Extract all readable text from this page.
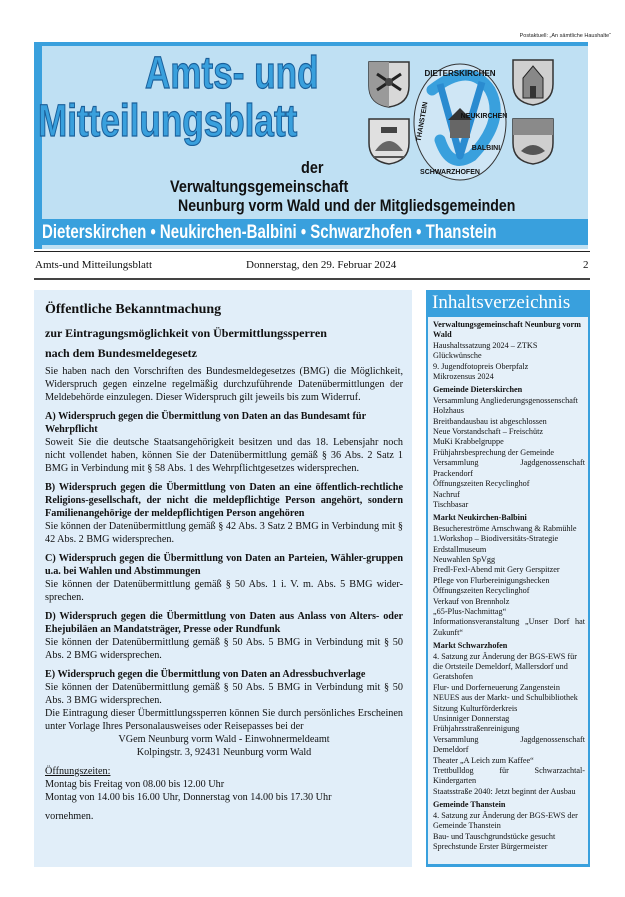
Postaktuell: „An sämtliche Haushalte“
Amts- und
Mitteilungsblatt
DIETERSKIRCHEN
NEUKIRCHEN
BALBINI
SCHWARZHOFEN
THANSTEIN
der
Verwaltungsgemeinschaft
Neunburg vorm Wald und der Mitgliedsgemeinden
Dieterskirchen • Neukirchen-Balbini • Schwarzhofen • Thanstein
Amts-und Mitteilungsblatt	Donnerstag, den 29. Februar 2024	2

Öffentliche Bekanntmachung

zur Eintragungsmöglichkeit von Übermittlungssperren

nach dem Bundesmeldegesetz

Sie haben nach den Vorschriften des Bundesmeldegesetzes (BMG) die Möglichkeit, Widerspruch gegen einzelne regelmäßig durchzuführende Datenübermittlungen der Meldebehörde einzulegen. Dieser Widerspruch gilt jeweils bis zum Widerruf.

A) Widerspruch gegen die Übermittlung von Daten an das Bundesamt für Wehrpflicht

Soweit Sie die deutsche Staatsangehörigkeit besitzen und das 18. Lebensjahr noch nicht vollendet haben, können Sie der Datenübermittlung gemäß § 36 Abs. 2 Satz 1 BMG in Verbindung mit § 58 Abs. 1 des Wehrpflichtgesetzes widersprechen.

B) Widerspruch gegen die Übermittlung von Daten an eine öffentlich-rechtliche Religions-gesellschaft, der nicht die meldepflichtige Person angehört, sondern Familienangehörige der meldepflichtigen Person angehören

Sie können der Datenübermittlung gemäß § 42 Abs. 3 Satz 2 BMG in Verbindung mit § 42 Abs. 2 BMG widersprechen.

C) Widerspruch gegen die Übermittlung von Daten an Parteien, Wähler-gruppen u.a. bei Wahlen und Abstimmungen

Sie können der Datenübermittlung gemäß § 50 Abs. 1 i. V. m. Abs. 5 BMG wider-sprechen.

D) Widerspruch gegen die Übermittlung von Daten aus Anlass von Alters- oder Ehejubiläen an Mandatsträger, Presse oder Rundfunk

Sie können der Datenübermittlung gemäß § 50 Abs. 5 BMG in Verbindung mit § 50 Abs. 2 BMG widersprechen.

E) Widerspruch gegen die Übermittlung von Daten an Adressbuchverlage

Sie können der Datenübermittlung gemäß § 50 Abs. 5 BMG in Verbindung mit § 50 Abs. 3 BMG widersprechen.

Die Eintragung dieser Übermittlungssperren können Sie durch persönliches Erscheinen unter Vorlage Ihres Personalausweises oder Reisepasses bei der

VGem Neunburg vorm Wald - Einwohnermeldeamt

Kolpingstr. 3, 92431 Neunburg vorm Wald

Öffnungszeiten:

Montag bis Freitag von 08.00 bis 12.00 Uhr

Montag von 14.00 bis 16.00 Uhr, Donnerstag von 14.00 bis 17.30 Uhr

vornehmen.

Inhaltsverzeichnis
Verwaltungsgemeinschaft Neunburg vorm Wald
Haushaltssatzung 2024 – ZTKS
Glückwünsche
9. Jugendfotopreis Oberpfalz
Mikrozensus 2024
Gemeinde Dieterskirchen
Versammlung Angliederungsgenossenschaft Holzhaus
Breitbandausbau ist abgeschlossen
Neue Vorstandschaft – Freischütz
MuKi Krabbelgruppe
Frühjahrsbesprechung der Gemeinde
Versammlung	Jagdgenossenschaft
Prackendorf
Öffnungszeiten Recyclinghof
Nachruf
Tischbasar
Markt Neukirchen-Balbini
Besuchereströme Arnschwang & Rabmühle
1.Workshop – Biodiversitäts-Strategie
Erdstallmuseum
Neuwahlen SpVgg
Fredl-Fexl-Abend mit Gery Gerspitzer
Pflege von Flurbereinigungshecken
Öffnungszeiten Recyclinghof
Verkauf von Brennholz
„65-Plus-Nachmittag“
Informationsveranstaltung „Unser Dorf hat Zukunft“
Markt Schwarzhofen
4. Satzung zur Änderung der BGS-EWS für die Ortsteile Demeldorf, Mallersdorf und Geratshofen
Flur- und Dorferneuerung Zangenstein
NEUES aus der Markt- und Schulbibliothek
Sitzung Kulturförderkreis
Unsinniger Donnerstag
Frühjahrsstraßenreinigung
Versammlung	Jagdgenossenschaft
Demeldorf
Theater „A Leich zum Kaffee“
Trettbulldog	für	Schwarzachtal-
Kindergarten
Staatsstraße 2040: Jetzt beginnt der Ausbau
Gemeinde Thanstein
4. Satzung zur Änderung der BGS-EWS der Gemeinde Thanstein
Bau- und Tauschgrundstücke gesucht
Sprechstunde Erster Bürgermeister
